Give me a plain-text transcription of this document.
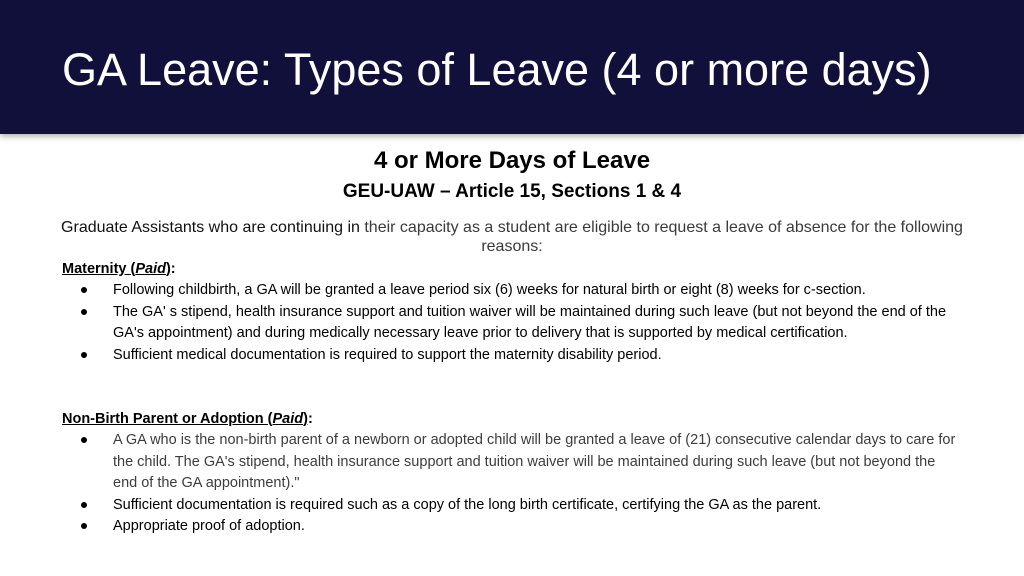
GA Leave: Types of Leave (4 or more days)
4 or More Days of Leave
GEU-UAW – Article 15, Sections 1 & 4
Graduate Assistants who are continuing in their capacity as a student are eligible to request a leave of absence for the following reasons:
Maternity (Paid):
Following childbirth, a GA will be granted a leave period six (6) weeks for natural birth or eight (8) weeks for c-section.
The GA' s stipend, health insurance support and tuition waiver will be maintained during such leave (but not beyond the end of the GA's appointment) and during medically necessary leave prior to delivery that is supported by medical certification.
Sufficient medical documentation is required to support the maternity disability period.
Non-Birth Parent or Adoption (Paid):
A GA who is the non-birth parent of a newborn or adopted child will be granted a leave of (21) consecutive calendar days to care for the child. The GA's stipend, health insurance support and tuition waiver will be maintained during such leave (but not beyond the end of the GA appointment)."
Sufficient documentation is required such as a copy of the long birth certificate, certifying the GA as the parent.
Appropriate proof of adoption.
